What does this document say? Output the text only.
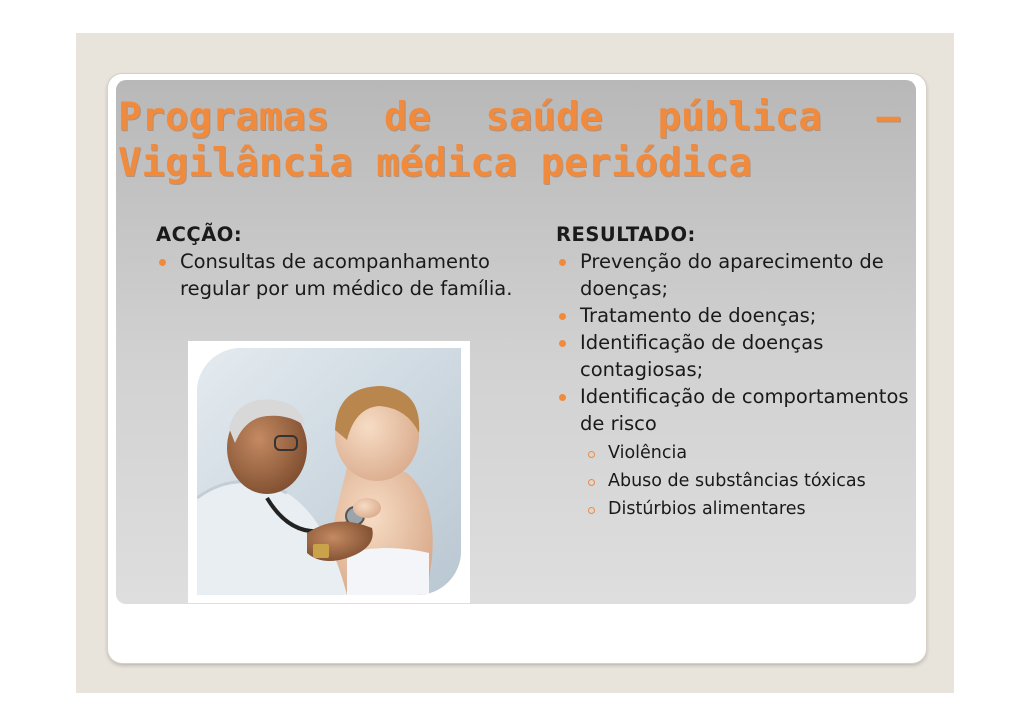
Programas de saúde pública –
Vigilância médica periódica

ACÇÃO:

Consultas de acompanhamento regular por um médico de família.

RESULTADO:

Prevenção do aparecimento de doenças;
Tratamento de doenças;
Identificação de doenças contagiosas;
Identificação de comportamentos de risco
Violência
Abuso de substâncias tóxicas
Distúrbios alimentares
